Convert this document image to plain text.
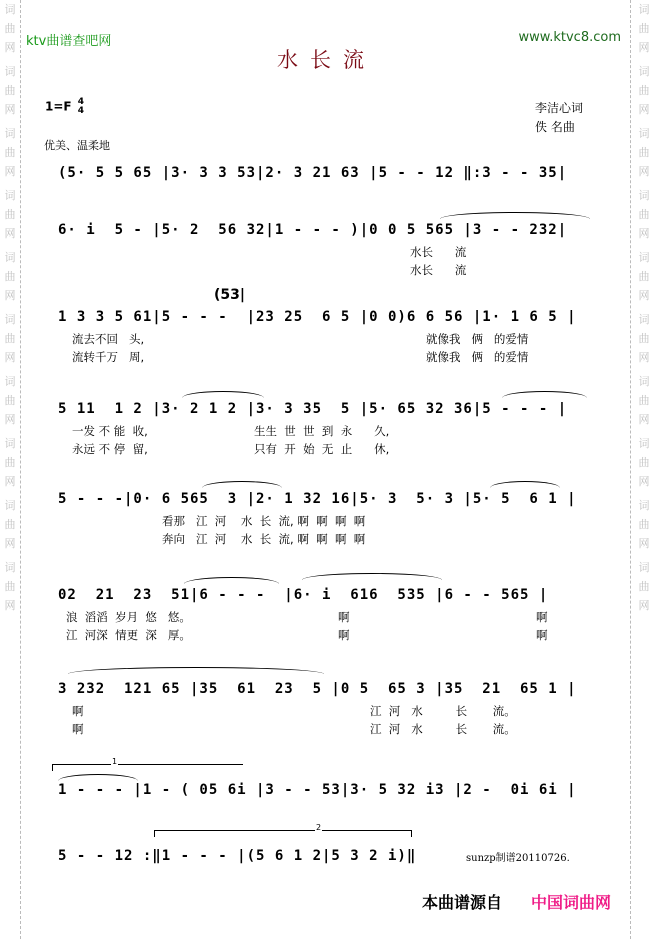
词
曲
网
词
曲
网
词
曲
网
词
曲
网
词
曲
网
词
曲
网
词
曲
网
词
曲
网
词
曲
网
词
曲
网
词
曲
网
词
曲
网
词
曲
网
词
曲
网
词
曲
网
词
曲
网
词
曲
网
词
曲
网
词
曲
网
词
曲
网
ktv曲谱查吧网	www.ktvc8.com
水长流
1=F 4
4	李洁心词
佚 名曲
优美、温柔地
(5· 5 5 65 |3· 3 3 53|2· 3 21 63 |5 - - 12 ‖:3 - - 35|
6· i  5 - |5· 2  56 32|1 - - - )|0 0 5 565 |3 - - 232|
水长      流
水长      流
(53|
1 3 3 5 61|5 - - -  |23 25  6 5 |0 0)6 6 56 |1· 1 6 5 |
流去不回   头,
流转千万   周,
就像我   俩   的爱情
就像我   俩   的爱情
5 11  1 2 |3· 2 1 2 |3· 3 35  5 |5· 65 32 36|5 - - - |
一发 不 能  收,
永远 不 停  留,
生生  世  世  到  永      久,
只有  开  始  无  止      休,
5 - - -|0· 6 565  3 |2· 1 32 16|5· 3  5· 3 |5· 5  6 1 |
看那   江  河    水  长  流, 啊  啊  啊  啊
奔向   江  河    水  长  流, 啊  啊  啊  啊
02  21  23  51|6 - - -  |6· i  616  535 |6 - - 565 |
浪  滔滔  岁月  悠   悠。
江  河深  情更  深   厚。
啊
啊
啊
啊
3 232  121 65 |35  61  23  5 |0 5  65 3 |35  21  65 1 |
啊
啊
江  河   水         长       流。
江  河   水         长       流。
1
1 - - - |1 - ( 05 6i |3 - - 53|3· 5 32 i3 |2 -  0i 6i |
2
5 - - 12 :‖1 - - - |(5 6 1 2|5 3 2 i)‖	sunzp制谱20110726.
本曲谱源自 中国词曲网
